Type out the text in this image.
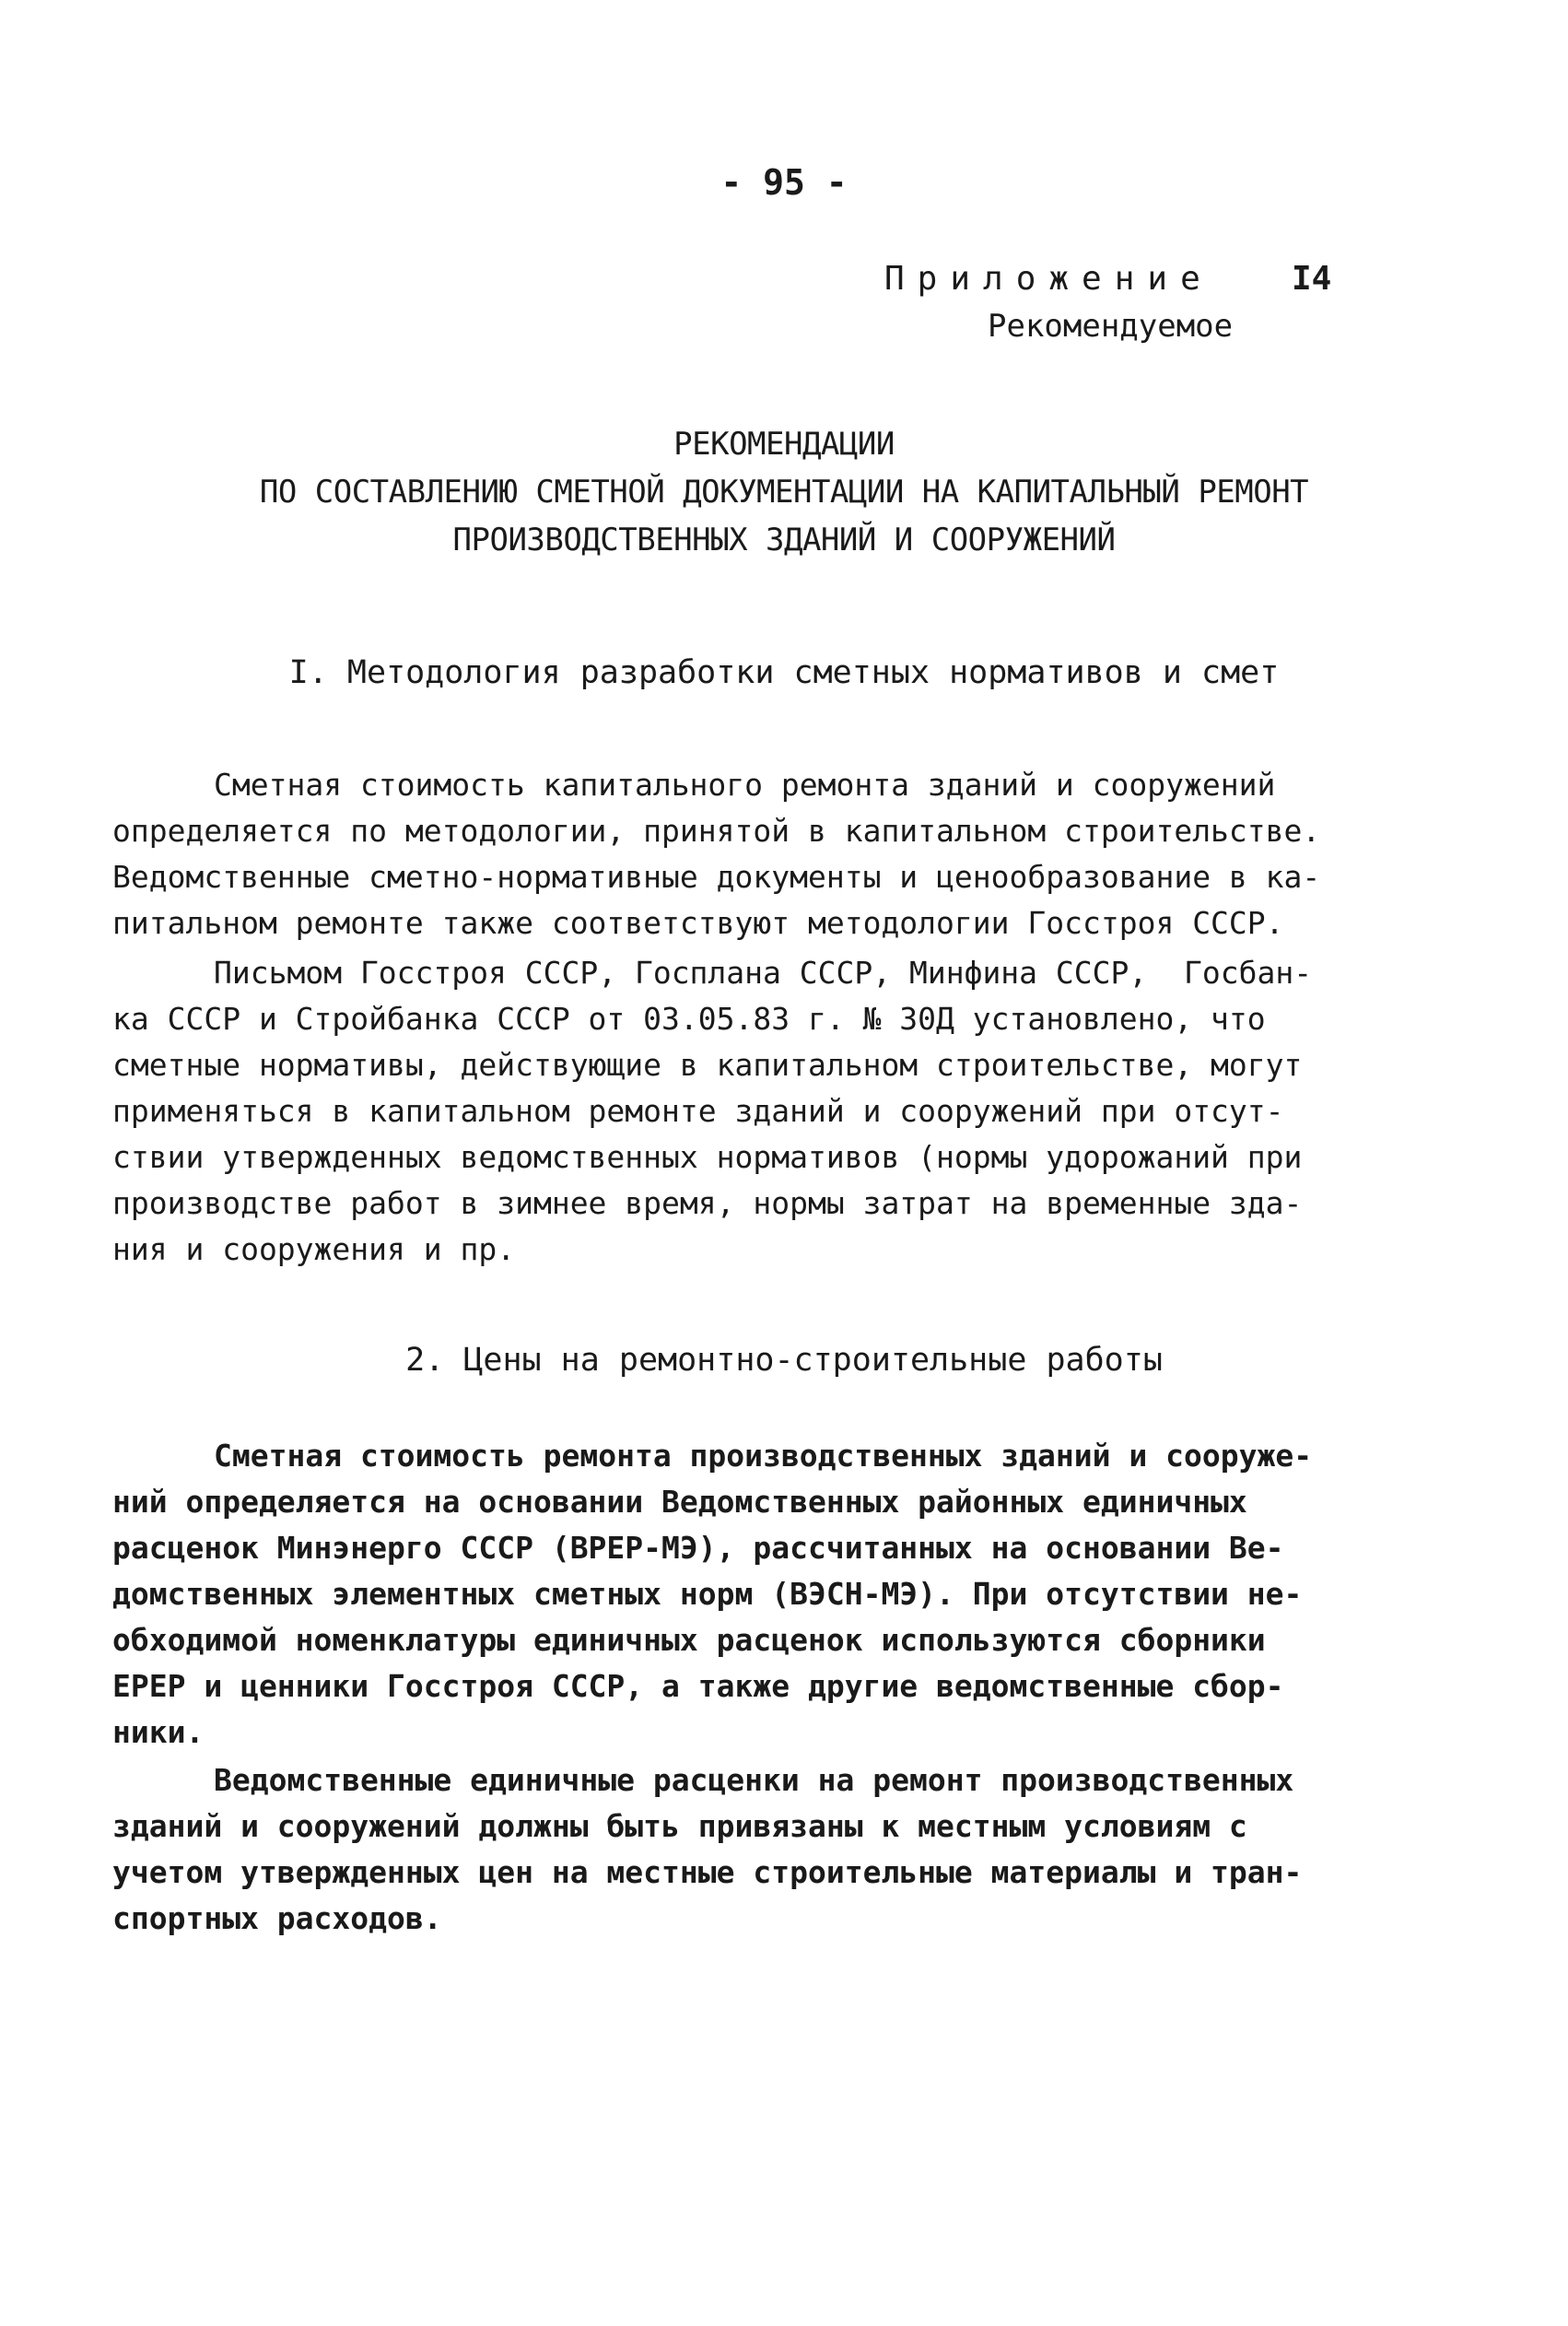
- 95 -
Приложение I4
Рекомендуемое
РЕКОМЕНДАЦИИ
ПО СОСТАВЛЕНИЮ СМЕТНОЙ ДОКУМЕНТАЦИИ НА КАПИТАЛЬНЫЙ РЕМОНТ
ПРОИЗВОДСТВЕННЫХ ЗДАНИЙ И СООРУЖЕНИЙ
I. Методология разработки сметных нормативов и смет
Сметная стоимость капитального ремонта зданий и сооружений
определяется по методологии, принятой в капитальном строительстве.
Ведомственные сметно-нормативные документы и ценообразование в ка-
питальном ремонте также соответствуют методологии Госстроя СССР.
Письмом Госстроя СССР, Госплана СССР, Минфина СССР,  Госбан-
ка СССР и Стройбанка СССР от 03.05.83 г. № 30Д установлено, что
сметные нормативы, действующие в капитальном строительстве, могут
применяться в капитальном ремонте зданий и сооружений при отсут-
ствии утвержденных ведомственных нормативов (нормы удорожаний при
производстве работ в зимнее время, нормы затрат на временные зда-
ния и сооружения и пр.
2. Цены на ремонтно-строительные работы
Сметная стоимость ремонта производственных зданий и сооруже-
ний определяется на основании Ведомственных районных единичных
расценок Минэнерго СССР (ВРЕР-МЭ), рассчитанных на основании Ве-
домственных элементных сметных норм (ВЭСН-МЭ). При отсутствии не-
обходимой номенклатуры единичных расценок используются сборники
ЕРЕР и ценники Госстроя СССР, а также другие ведомственные сбор-
ники.
Ведомственные единичные расценки на ремонт производственных
зданий и сооружений должны быть привязаны к местным условиям с
учетом утвержденных цен на местные строительные материалы и тран-
спортных расходов.
